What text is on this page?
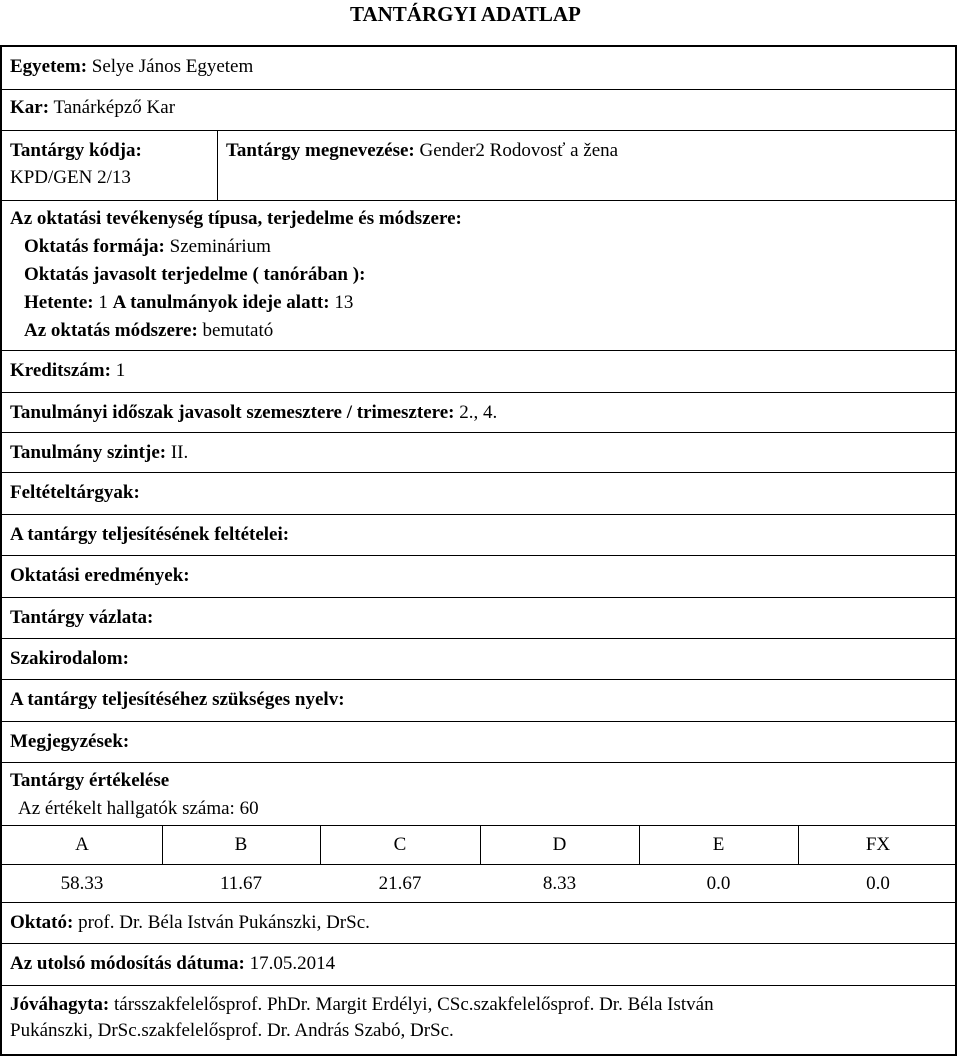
TANTÁRGYI ADATLAP
Egyetem: Selye János Egyetem
Kar: Tanárképző Kar
Tantárgy kódja:
KPD/GEN 2/13
Tantárgy megnevezése: Gender2 Rodovosť a žena
Az oktatási tevékenység típusa, terjedelme és módszere:
Oktatás formája: Szeminárium
Oktatás javasolt terjedelme ( tanórában ):
Hetente: 1 A tanulmányok ideje alatt: 13
Az oktatás módszere: bemutató
Kreditszám: 1
Tanulmányi időszak javasolt szemesztere / trimesztere: 2., 4.
Tanulmány szintje: II.
Feltételtárgyak:
A tantárgy teljesítésének feltételei:
Oktatási eredmények:
Tantárgy vázlata:
Szakirodalom:
A tantárgy teljesítéséhez szükséges nyelv:
Megjegyzések:
Tantárgy értékelése
Az értékelt hallgatók száma: 60
A	B	C	D	E	FX
58.33	11.67	21.67	8.33	0.0	0.0
Oktató: prof. Dr. Béla István Pukánszki, DrSc.
Az utolsó módosítás dátuma: 17.05.2014
Jóváhagyta: társszakfelelősprof. PhDr. Margit Erdélyi, CSc.szakfelelősprof. Dr. Béla István
Pukánszki, DrSc.szakfelelősprof. Dr. András Szabó, DrSc.
